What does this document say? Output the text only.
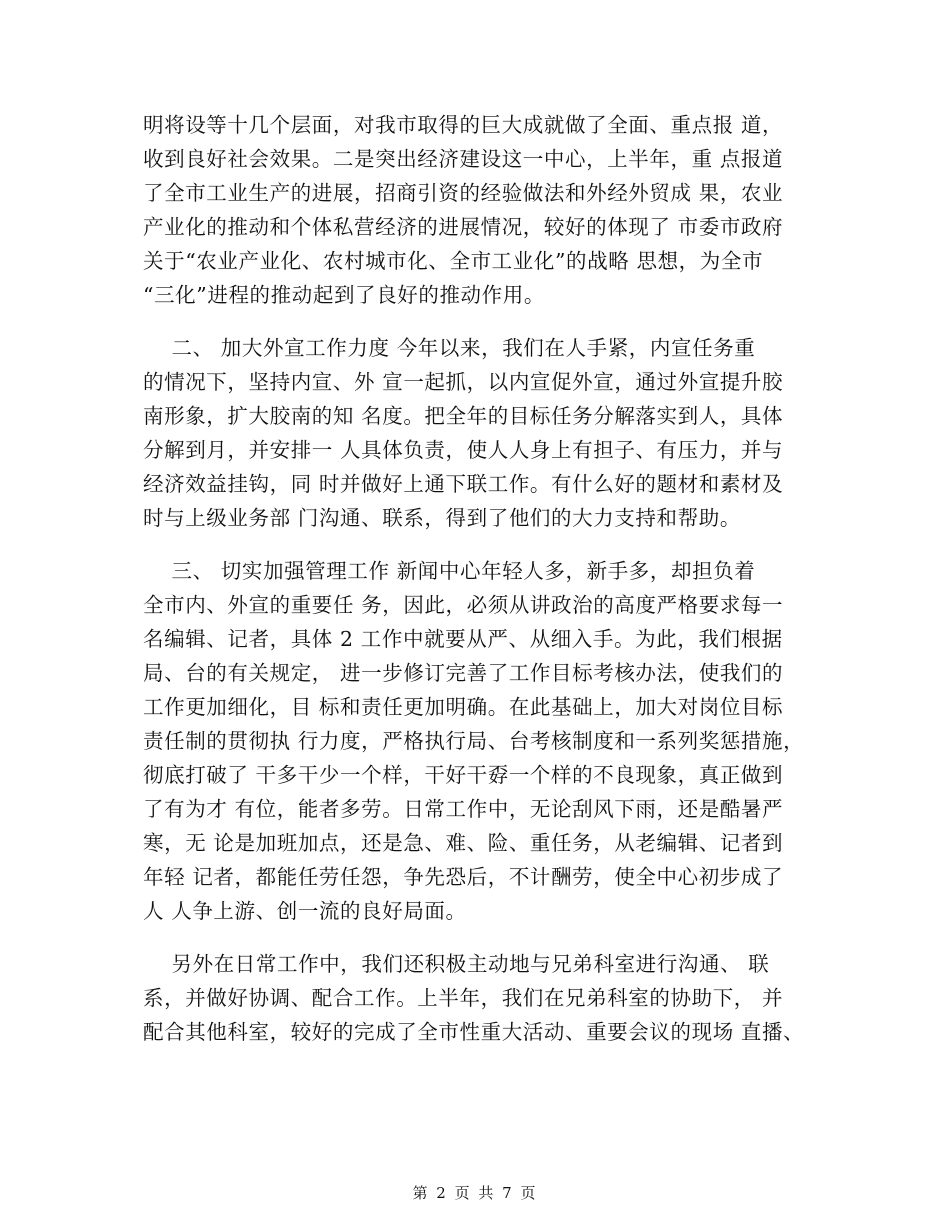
明将设等十几个层面，对我市取得的巨大成就做了全面、重点报 道，
收到良好社会效果。二是突出经济建设这一中心，上半年，重 点报道
了全市工业生产的进展，招商引资的经验做法和外经外贸成 果，农业
产业化的推动和个体私营经济的进展情况，较好的体现了 市委市政府
关于“农业产业化、农村城市化、全市工业化”的战略 思想，为全市
“三化”进程的推动起到了良好的推动作用。
二、 加大外宣工作力度 今年以来，我们在人手紧，内宣任务重
的情况下，坚持内宣、外 宣一起抓，以内宣促外宣，通过外宣提升胶
南形象，扩大胶南的知 名度。把全年的目标任务分解落实到人，具体
分解到月，并安排一 人具体负责，使人人身上有担子、有压力，并与
经济效益挂钩，同 时并做好上通下联工作。有什么好的题材和素材及
时与上级业务部 门沟通、联系，得到了他们的大力支持和帮助。
三、 切实加强管理工作 新闻中心年轻人多，新手多，却担负着
全市内、外宣的重要任 务，因此，必须从讲政治的高度严格要求每一
名编辑、记者，具体 2 工作中就要从严、从细入手。为此，我们根据
局、台的有关规定， 进一步修订完善了工作目标考核办法，使我们的
工作更加细化，目 标和责任更加明确。在此基础上，加大对岗位目标
责任制的贯彻执 行力度，严格执行局、台考核制度和一系列奖惩措施，
彻底打破了 干多干少一个样，干好干孬一个样的不良现象，真正做到
了有为才 有位，能者多劳。日常工作中，无论刮风下雨，还是酷暑严
寒，无 论是加班加点，还是急、难、险、重任务，从老编辑、记者到
年轻 记者，都能任劳任怨，争先恐后，不计酬劳，使全中心初步成了
人 人争上游、创一流的良好局面。
另外在日常工作中，我们还积极主动地与兄弟科室进行沟通、 联
系，并做好协调、配合工作。上半年，我们在兄弟科室的协助下， 并
配合其他科室，较好的完成了全市性重大活动、重要会议的现场 直播、
第 2 页 共 7 页
